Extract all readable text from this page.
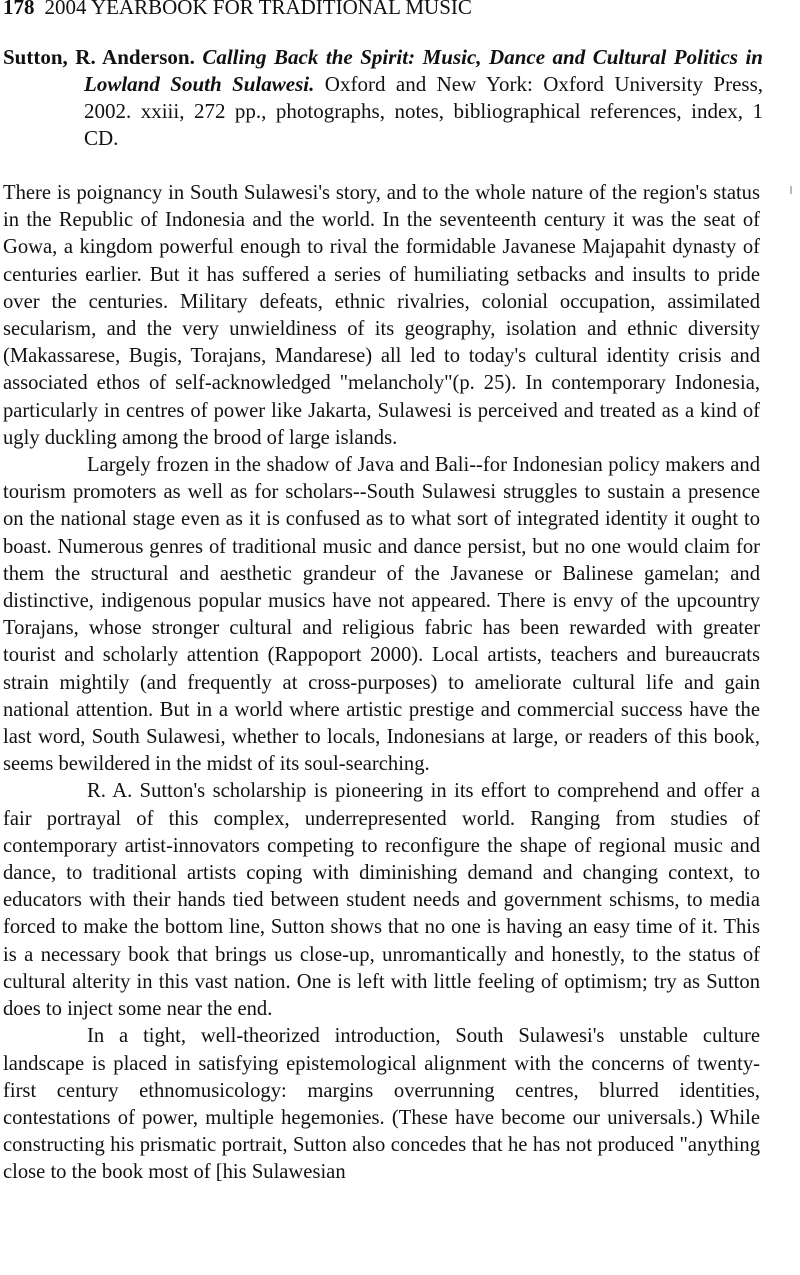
178 2004 YEARBOOK FOR TRADITIONAL MUSIC
Sutton, R. Anderson. Calling Back the Spirit: Music, Dance and Cultural Politics in Lowland South Sulawesi. Oxford and New York: Oxford University Press, 2002. xxiii, 272 pp., photographs, notes, bibliographical references, index, 1 CD.

There is poignancy in South Sulawesi's story, and to the whole nature of the region's status in the Republic of Indonesia and the world. In the seventeenth century it was the seat of Gowa, a kingdom powerful enough to rival the formidable Javanese Majapahit dynasty of centuries earlier. But it has suffered a series of humiliating setbacks and insults to pride over the centuries. Military defeats, ethnic rivalries, colonial occupation, assimilated secularism, and the very unwieldiness of its geography, isolation and ethnic diversity (Makassarese, Bugis, Torajans, Mandarese) all led to today's cultural identity crisis and associated ethos of self-acknowledged "melancholy"(p. 25). In contemporary Indonesia, particularly in centres of power like Jakarta, Sulawesi is perceived and treated as a kind of ugly duckling among the brood of large islands.

Largely frozen in the shadow of Java and Bali--for Indonesian policy makers and tourism promoters as well as for scholars--South Sulawesi struggles to sustain a presence on the national stage even as it is confused as to what sort of integrated identity it ought to boast. Numerous genres of traditional music and dance persist, but no one would claim for them the structural and aesthetic grandeur of the Javanese or Balinese gamelan; and distinctive, indigenous popular musics have not appeared. There is envy of the upcountry Torajans, whose stronger cultural and religious fabric has been rewarded with greater tourist and scholarly attention (Rappoport 2000). Local artists, teachers and bureaucrats strain mightily (and frequently at cross-purposes) to ameliorate cultural life and gain national attention. But in a world where artistic prestige and commercial success have the last word, South Sulawesi, whether to locals, Indonesians at large, or readers of this book, seems bewildered in the midst of its soul-searching.

R. A. Sutton's scholarship is pioneering in its effort to comprehend and offer a fair portrayal of this complex, underrepresented world. Ranging from studies of contemporary artist-innovators competing to reconfigure the shape of regional music and dance, to traditional artists coping with diminishing demand and changing context, to educators with their hands tied between student needs and government schisms, to media forced to make the bottom line, Sutton shows that no one is having an easy time of it. This is a necessary book that brings us close-up, unromantically and honestly, to the status of cultural alterity in this vast nation. One is left with little feeling of optimism; try as Sutton does to inject some near the end.

In a tight, well-theorized introduction, South Sulawesi's unstable culture landscape is placed in satisfying epistemological alignment with the concerns of twenty-first century ethnomusicology: margins overrunning centres, blurred identities, contestations of power, multiple hegemonies. (These have become our universals.) While constructing his prismatic portrait, Sutton also concedes that he has not produced "anything close to the book most of [his Sulawesian
